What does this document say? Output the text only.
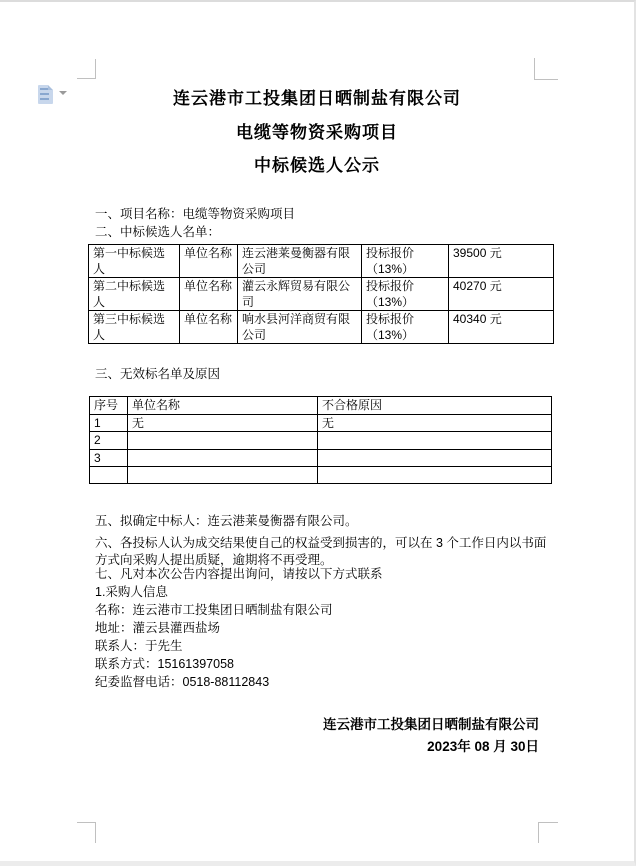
连云港市工投集团日晒制盐有限公司
电缆等物资采购项目
中标候选人公示
一、项目名称：电缆等物资采购项目
二、中标候选人名单：
第一中标候选人	单位名称	连云港莱曼衡器有限公司	投标报价（13%）	39500 元
第二中标候选人	单位名称	灌云永辉贸易有限公司	投标报价（13%）	40270 元
第三中标候选人	单位名称	响水县河洋商贸有限公司	投标报价（13%）	40340 元
三、无效标名单及原因
序号	单位名称	不合格原因
1	无	无
2		
3		

五、拟确定中标人：连云港莱曼衡器有限公司。
六、各投标人认为成交结果使自己的权益受到损害的，可以在 3 个工作日内以书面方式向采购人提出质疑，逾期将不再受理。
七、凡对本次公告内容提出询问，请按以下方式联系
1.采购人信息
名称：连云港市工投集团日晒制盐有限公司
地址：灌云县灌西盐场
联系人：于先生
联系方式：15161397058
纪委监督电话：0518-88112843
连云港市工投集团日晒制盐有限公司
2023年 08 月 30日
